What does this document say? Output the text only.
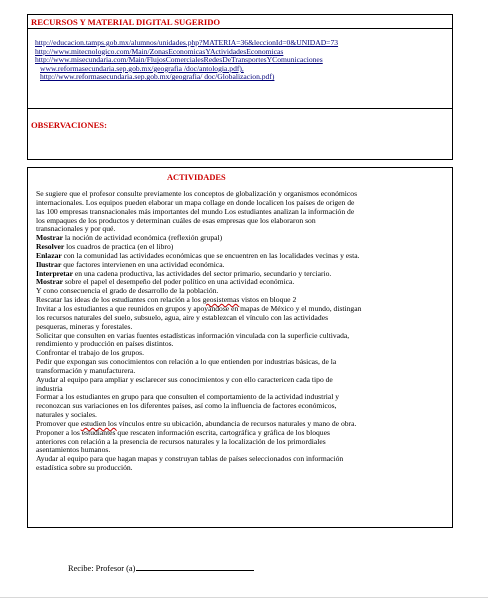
RECURSOS Y MATERIAL DIGITAL SUGERIDO
http://educacion.tamps.gob.mx/alumnos/unidades.php?MATERIA=36&leccionId=0&UNIDAD=73
http://www.mitecnologico.com/Main/ZonasEconomicasYActividadesEconomicas
http://www.misecundaria.com/Main/FlujosComercialesRedesDeTransportesYComunicaciones
www.reformasecundaria.sep.gob.mx/geografia /doc/antologia.pdf),
http://www.reformasecundaria.sep.gob.mx/geografia/ doc/Globalizacion.pdf)
OBSERVACIONES:
ACTIVIDADES
Se sugiere que el profesor consulte previamente los conceptos de globalización y organismos económicos
internacionales. Los equipos pueden elaborar un mapa collage en donde localicen los países de origen de
las 100 empresas transnacionales más importantes del mundo Los estudiantes analizan la información de
los empaques de los productos y determinan cuáles de esas empresas que los elaboraron son
transnacionales y por qué.
Mostrar la noción de actividad económica (reflexión grupal)
Resolver los cuadros de practica (en el libro)
Enlazar con la comunidad las actividades económicas que se encuentren en las localidades vecinas y esta.
Ilustrar que factores intervienen en una actividad económica.
Interpretar en una cadena productiva, las actividades del sector primario, secundario y terciario.
Mostrar sobre el papel el desempeño del poder político en una actividad económica.
Y cono consecuencia el grado de desarrollo de la población.
Rescatar las ideas de los estudiantes con relación a los geosistemas vistos en bloque 2
Invitar a los estudiantes a que reunidos en grupos y apoyándose en mapas de México y el mundo, distingan
los recursos naturales del suelo, subsuelo, agua, aire y establezcan el vínculo con las actividades
pesqueras, mineras y forestales.
Solicitar que consulten en varias fuentes estadísticas información vinculada con la superficie cultivada,
rendimiento y producción en países distintos.
Confrontar el trabajo de los grupos.
Pedir que expongan sus conocimientos con relación a lo que entienden por industrias básicas, de la
transformación y manufacturera.
Ayudar al equipo para ampliar y esclarecer sus conocimientos y con ello caractericen cada tipo de
industria
Formar a los estudiantes en grupo para que consulten el comportamiento de la actividad industrial y
reconozcan sus variaciones en los diferentes países, así como la influencia de factores económicos,
naturales y sociales.
Promover que estudien los vínculos entre su ubicación, abundancia de recursos naturales y mano de obra.
Proponer a los estudiantes que rescaten información escrita, cartográfica y gráfica de los bloques
anteriores con relación a la presencia de recursos naturales y la localización de los primordiales
asentamientos humanos.
Ayudar al equipo para que hagan mapas y construyan tablas de países seleccionados con información
estadística sobre su producción.
Recibe: Profesor (a)
